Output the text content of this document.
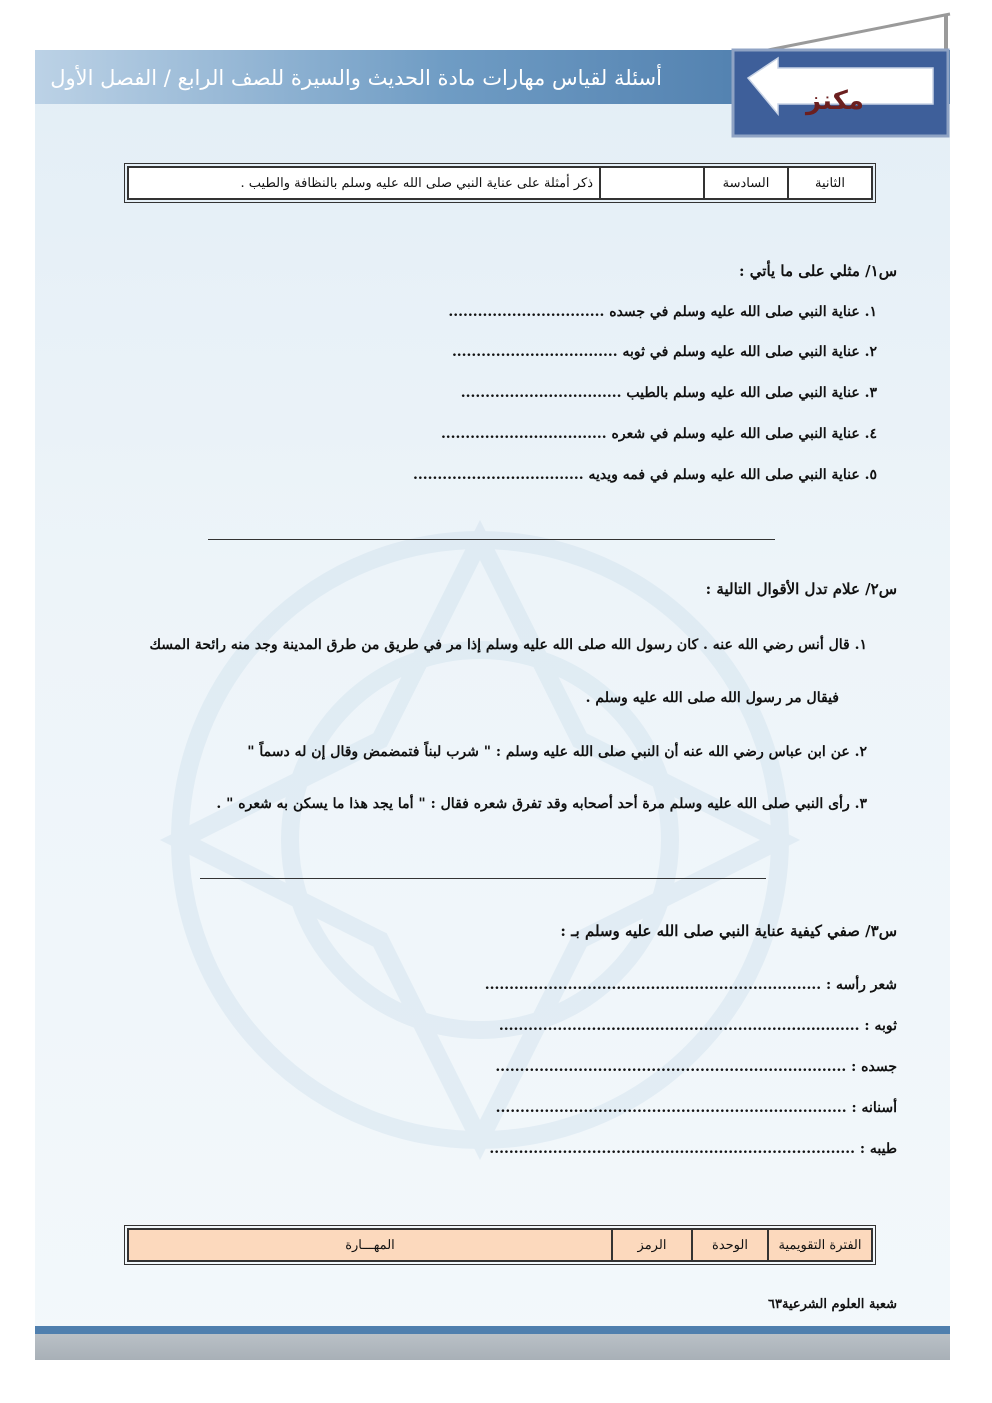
أسئلة لقياس مهارات مادة الحديث والسيرة للصف الرابع / الفصل الأول
مكنز
الثانية	السادسة		ذكر أمثلة على عناية النبي صلى الله عليه وسلم بالنظافة والطيب .
س١/ مثلي على ما يأتي :
١. عناية النبي صلى الله عليه وسلم في جسده ................................
٢. عناية النبي صلى الله عليه وسلم في ثوبه ..................................
٣. عناية النبي صلى الله عليه وسلم بالطيب .................................
٤. عناية النبي صلى الله عليه وسلم في شعره ..................................
٥. عناية النبي صلى الله عليه وسلم في فمه ويديه ...................................
س٢/ علام تدل الأقوال التالية :
١. قال أنس رضي الله عنه . كان رسول الله صلى الله عليه وسلم إذا مر في طريق من طرق المدينة وجد منه رائحة المسك
فيقال مر رسول الله صلى الله عليه وسلم .
٢. عن ابن عباس رضي الله عنه أن النبي صلى الله عليه وسلم : " شرب لبناً فتمضمض وقال إن له دسماً "
٣. رأى النبي صلى الله عليه وسلم مرة أحد أصحابه وقد تفرق شعره فقال : " أما يجد هذا ما يسكن به شعره " .
س٣/ صفي كيفية عناية النبي صلى الله عليه وسلم بـ :
شعر رأسه : .....................................................................
ثوبه : ..........................................................................
جسده : ........................................................................
أسنانه : ........................................................................
طيبه : ...........................................................................
الفترة التقويمية	الوحدة	الرمز	المهـــارة
شعبة العلوم الشرعية٦٣
